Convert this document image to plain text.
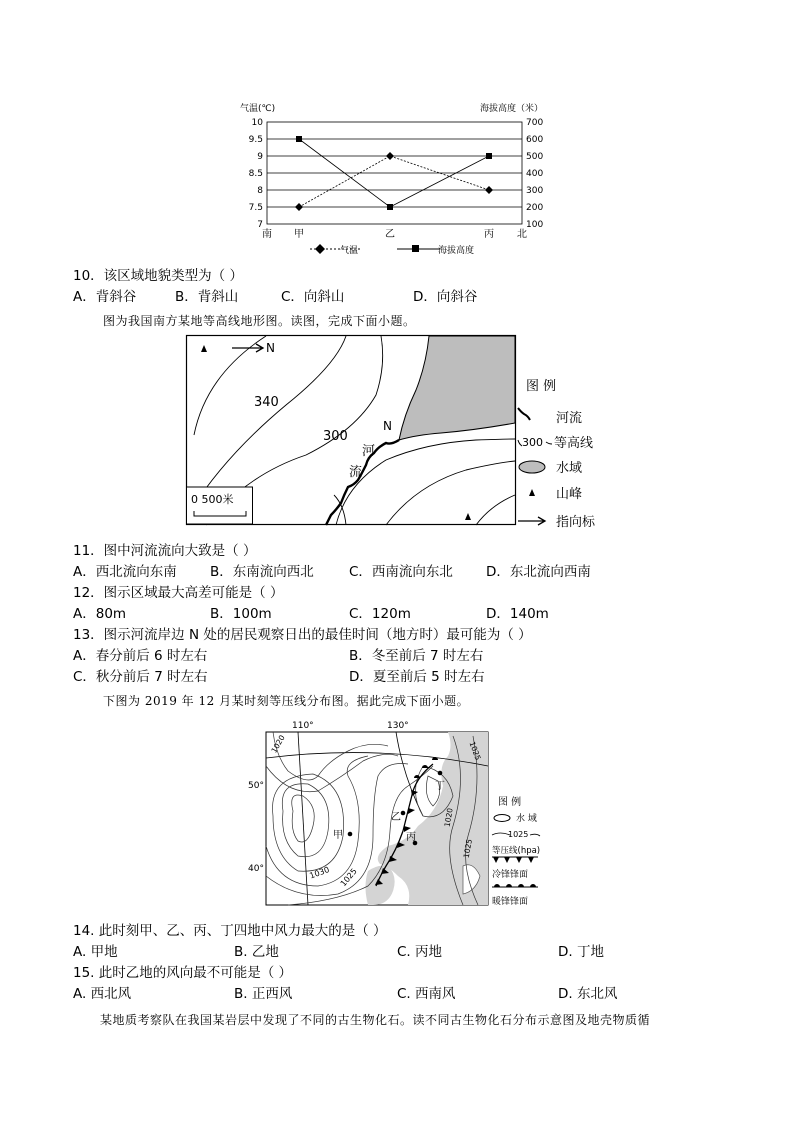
气温(℃)	海拔高度（米）
10	700
9.5	600
9	500
8.5	400
8	300
7.5	200
7	100
南 甲	乙	丙 北
气温	海拔高度
10．该区域地貌类型为（ ）
A．背斜谷	B．背斜山	C．向斜山	D．向斜谷
图为我国南方某地等高线地形图。读图，完成下面小题。
340
300
河
流
N
N
0 500米
图 例
河流
300 等高线
水域
山峰
指向标
11．图中河流流向大致是（ ）
A．西北流向东南 B．东南流向西北	C．西南流向东北 D．东北流向西南
12．图示区域最大高差可能是（ ）
A．80m	B．100m	C．120m	D．140m
13．图示河流岸边 N 处的居民观察日出的最佳时间（地方时）最可能为（ ）
A．春分前后 6 时左右	B．冬至前后 7 时左右
C．秋分前后 7 时左右	D．夏至前后 5 时左右
下图为 2019 年 12 月某时刻等压线分布图。据此完成下面小题。
110°	130°
50°
40°
甲
乙
丙
丁
1020
1020
1025
1030 1025
1025
图 例
水 域
1025
等压线(hpa)
冷锋锋面
暖锋锋面
14. 此时刻甲、乙、丙、丁四地中风力最大的是（ ）
A. 甲地	B. 乙地	C. 丙地	D. 丁地
15. 此时乙地的风向最不可能是（ ）
A. 西北风	B. 正西风	C. 西南风	D. 东北风
某地质考察队在我国某岩层中发现了不同的古生物化石。读不同古生物化石分布示意图及地壳物质循
